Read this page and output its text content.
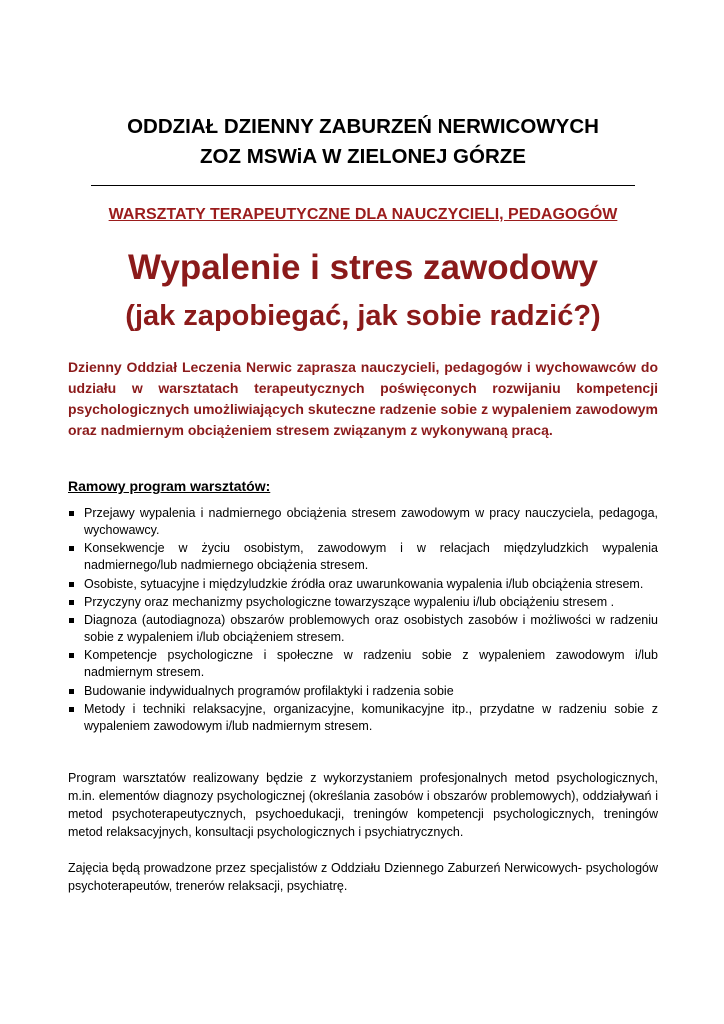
ODDZIAŁ DZIENNY ZABURZEŃ NERWICOWYCH
ZOZ MSWiA W ZIELONEJ GÓRZE
WARSZTATY TERAPEUTYCZNE DLA NAUCZYCIELI, PEDAGOGÓW
Wypalenie i stres zawodowy
(jak zapobiegać, jak sobie radzić?)
Dzienny Oddział Leczenia Nerwic zaprasza nauczycieli, pedagogów i wychowawców do udziału w warsztatach terapeutycznych poświęconych rozwijaniu kompetencji psychologicznych umożliwiających skuteczne radzenie sobie z wypaleniem zawodowym oraz nadmiernym obciążeniem stresem związanym z wykonywaną pracą.
Ramowy program warsztatów:
Przejawy wypalenia i nadmiernego obciążenia stresem zawodowym w pracy nauczyciela, pedagoga, wychowawcy.
Konsekwencje w życiu osobistym, zawodowym i w relacjach międzyludzkich wypalenia nadmiernego/lub nadmiernego obciążenia stresem.
Osobiste, sytuacyjne i międzyludzkie źródła oraz uwarunkowania wypalenia i/lub obciążenia stresem.
Przyczyny oraz mechanizmy psychologiczne towarzyszące wypaleniu i/lub obciążeniu stresem .
Diagnoza (autodiagnoza) obszarów problemowych oraz osobistych zasobów i możliwości w radzeniu sobie z wypaleniem i/lub obciążeniem stresem.
Kompetencje psychologiczne i społeczne w radzeniu sobie z wypaleniem zawodowym i/lub nadmiernym stresem.
Budowanie indywidualnych programów profilaktyki i radzenia sobie
Metody i techniki relaksacyjne, organizacyjne, komunikacyjne itp., przydatne w radzeniu sobie z wypaleniem zawodowym i/lub nadmiernym stresem.
Program warsztatów realizowany będzie z wykorzystaniem profesjonalnych metod psychologicznych, m.in. elementów diagnozy psychologicznej (określania zasobów i obszarów problemowych), oddziaływań i metod psychoterapeutycznych, psychoedukacji, treningów kompetencji psychologicznych, treningów metod relaksacyjnych, konsultacji psychologicznych i psychiatrycznych.
Zajęcia będą prowadzone przez specjalistów z Oddziału Dziennego Zaburzeń Nerwicowych- psychologów psychoterapeutów, trenerów relaksacji, psychiatrę.
